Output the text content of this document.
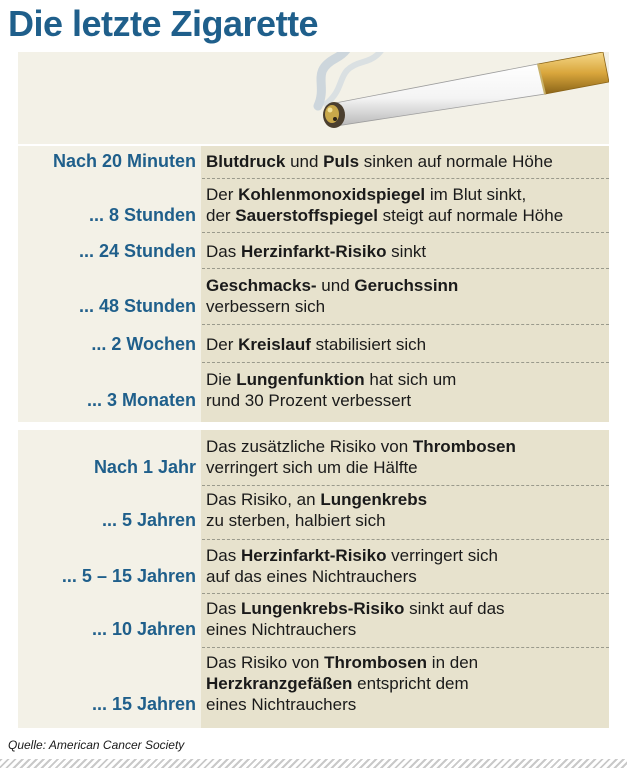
Die letzte Zigarette
Nach 20 Minuten Blutdruck und Puls sinken auf normale Höhe
... 8 Stunden
Der Kohlenmonoxidspiegel im Blut sinkt,
der Sauerstoffspiegel steigt auf normale Höhe
... 24 Stunden Das Herzinfarkt-Risiko sinkt
... 48 Stunden
Geschmacks- und Geruchssinn
verbessern sich
... 2 Wochen Der Kreislauf stabilisiert sich
... 3 Monaten
Die Lungenfunktion hat sich um
rund 30 Prozent verbessert
Nach 1 Jahr
Das zusätzliche Risiko von Thrombosen
verringert sich um die Hälfte
... 5 Jahren
Das Risiko, an Lungenkrebs
zu sterben, halbiert sich
... 5 – 15 Jahren
Das Herzinfarkt-Risiko verringert sich
auf das eines Nichtrauchers
... 10 Jahren
Das Lungenkrebs-Risiko sinkt auf das
eines Nichtrauchers
... 15 Jahren
Das Risiko von Thrombosen in den
Herzkranzgefäßen entspricht dem
eines Nichtrauchers
Quelle: American Cancer Society
